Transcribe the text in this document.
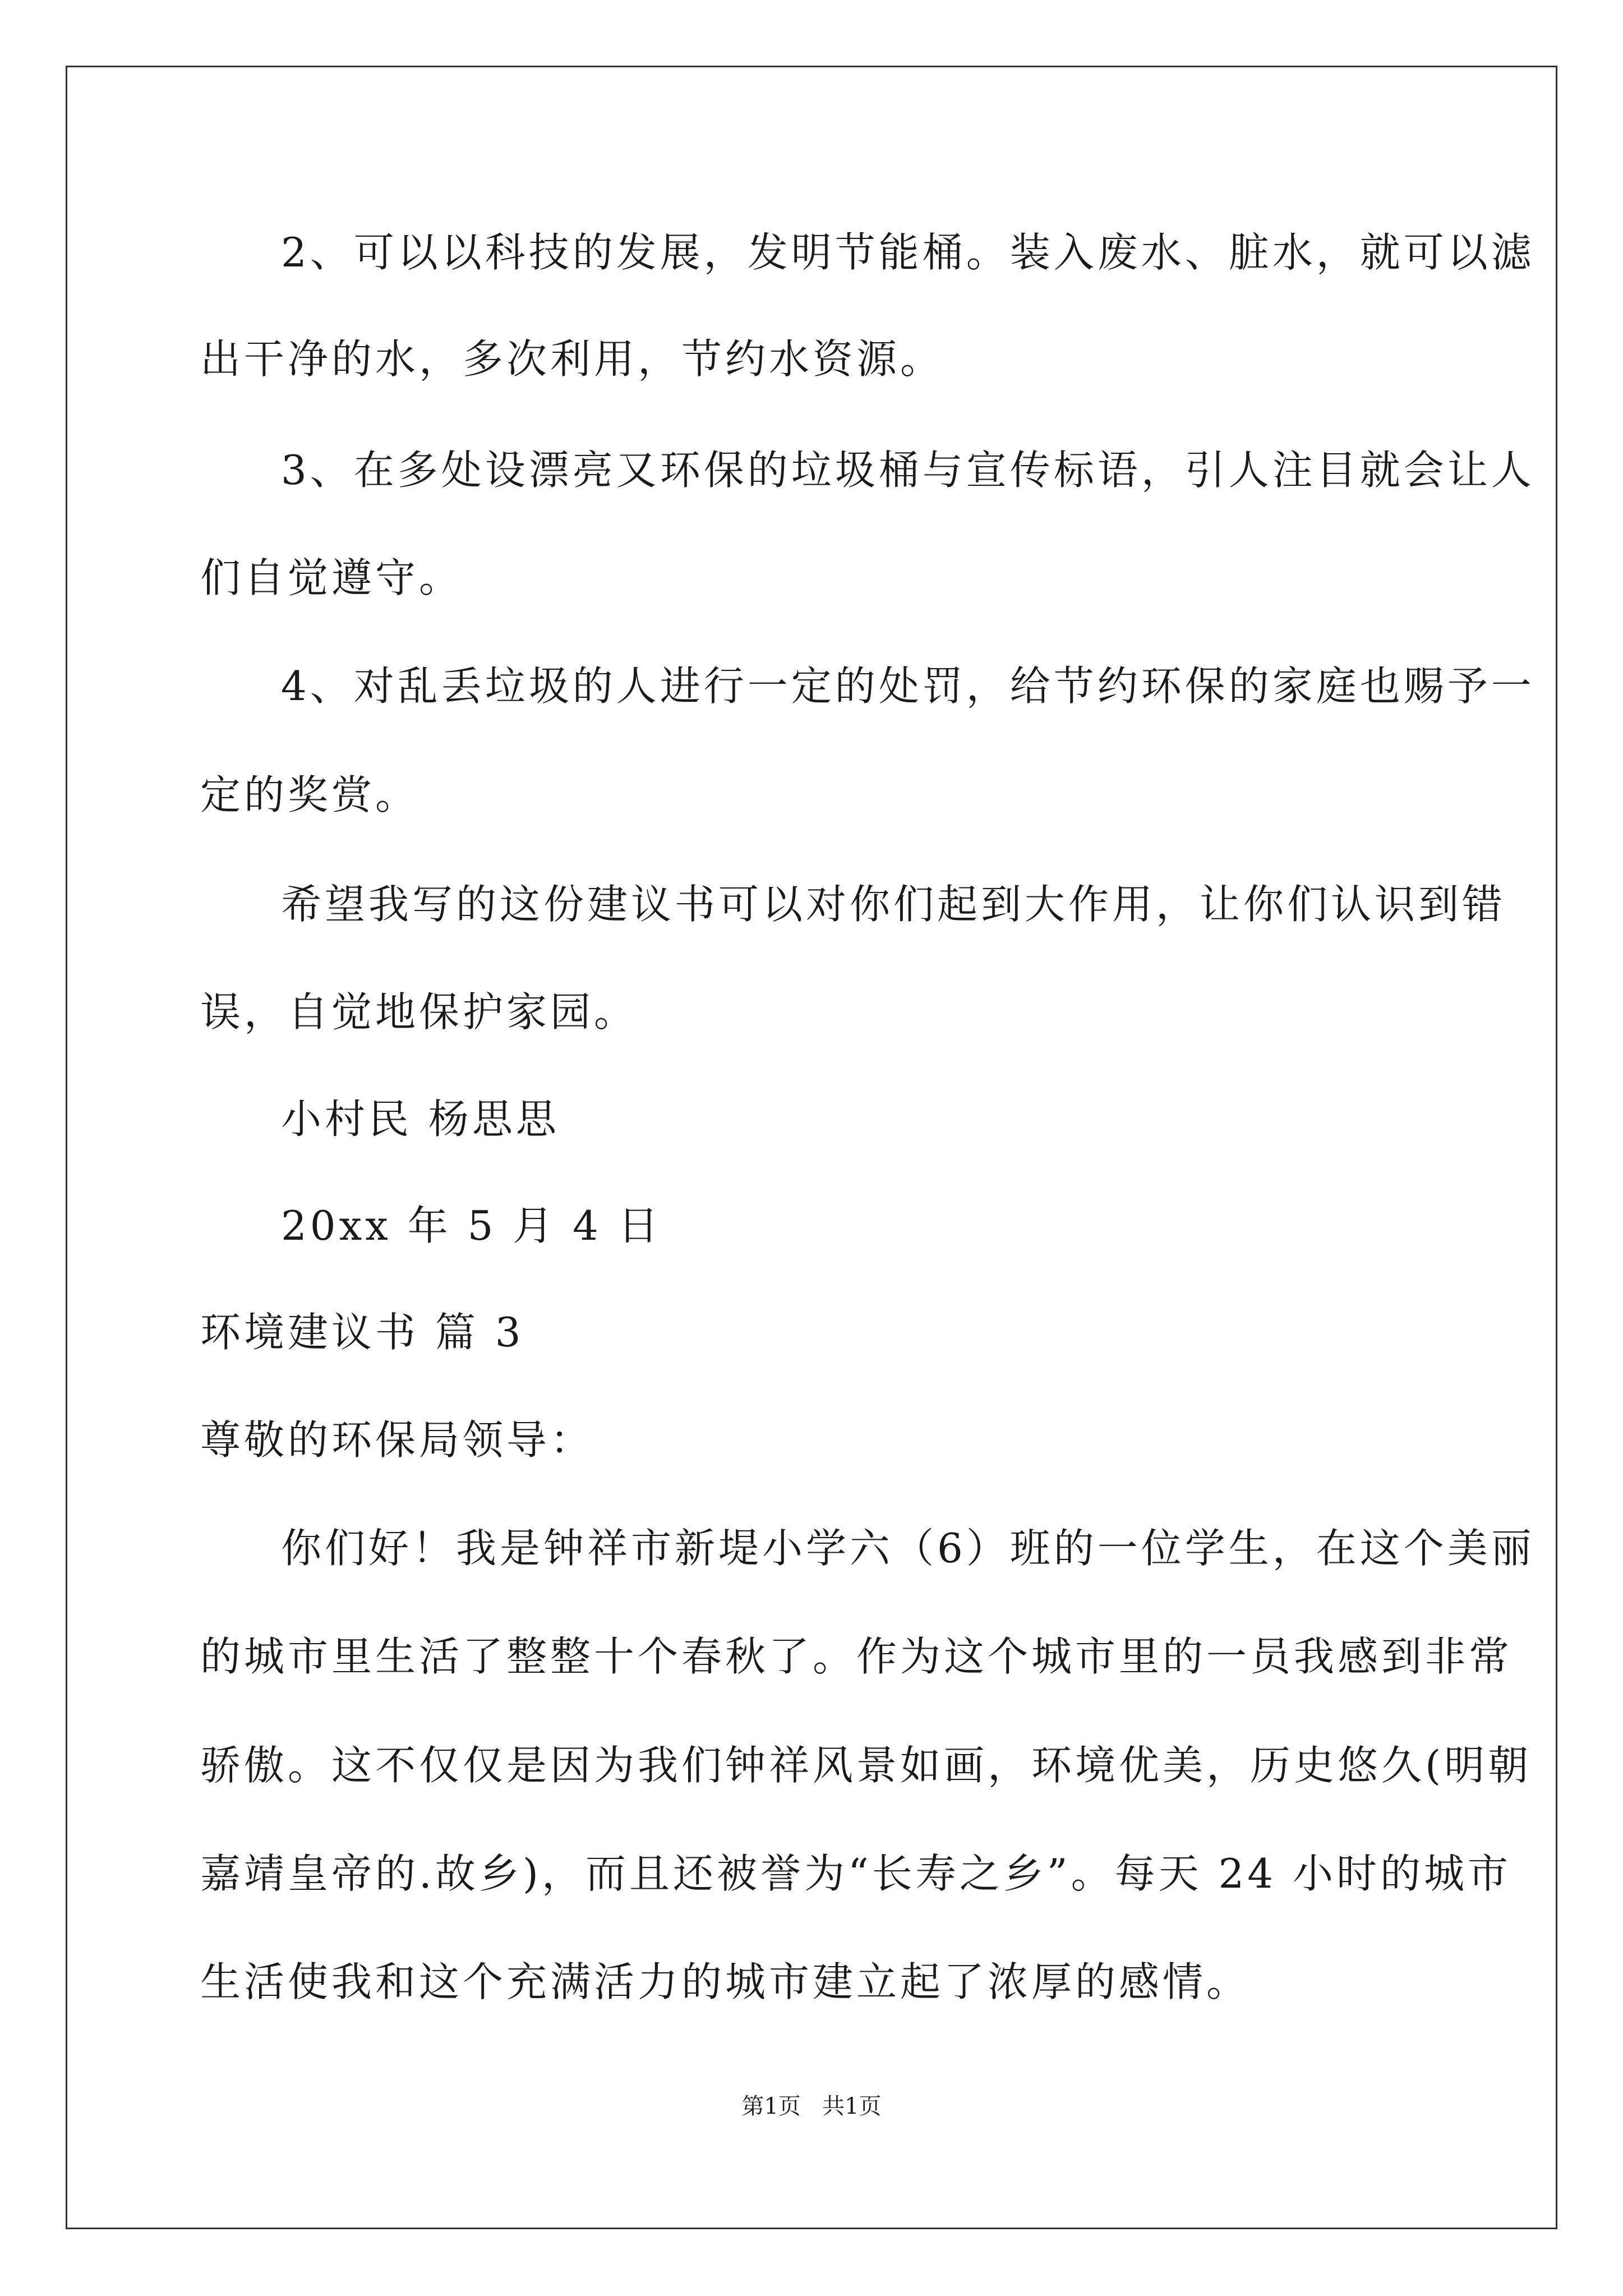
2、可以以科技的发展，发明节能桶。装入废水、脏水，就可以滤
出干净的水，多次利用，节约水资源。
3、在多处设漂亮又环保的垃圾桶与宣传标语，引人注目就会让人
们自觉遵守。
4、对乱丢垃圾的人进行一定的处罚，给节约环保的家庭也赐予一
定的奖赏。
希望我写的这份建议书可以对你们起到大作用，让你们认识到错
误，自觉地保护家园。
小村民 杨思思
20xx 年 5 月 4 日
环境建议书 篇 3
尊敬的环保局领导：
你们好！我是钟祥市新堤小学六（6）班的一位学生，在这个美丽
的城市里生活了整整十个春秋了。作为这个城市里的一员我感到非常
骄傲。这不仅仅是因为我们钟祥风景如画，环境优美，历史悠久(明朝
嘉靖皇帝的.故乡)，而且还被誉为“长寿之乡”。每天 24 小时的城市
生活使我和这个充满活力的城市建立起了浓厚的感情。
第1页   共1页
